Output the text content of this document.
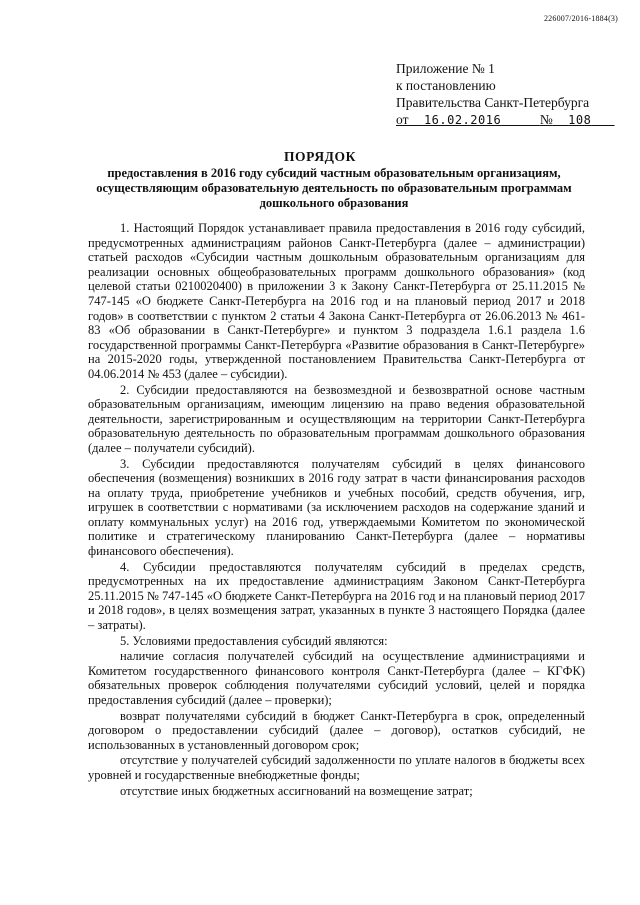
226007/2016-1884(3)
Приложение № 1
к постановлению
Правительства Санкт-Петербурга
от 16.02.2016	№ 108
ПОРЯДОК
предоставления в 2016 году субсидий частным образовательным организациям, осуществляющим образовательную деятельность по образовательным программам дошкольного образования

1. Настоящий Порядок устанавливает правила предоставления в 2016 году субсидий, предусмотренных администрациям районов Санкт-Петербурга (далее – администрации) статьей расходов «Субсидии частным дошкольным образовательным организациям для реализации основных общеобразовательных программ дошкольного образования» (код целевой статьи 0210020400) в приложении 3 к Закону Санкт-Петербурга от 25.11.2015 № 747-145 «О бюджете Санкт-Петербурга на 2016 год и на плановый период 2017 и 2018 годов» в соответствии с пунктом 2 статьи 4 Закона Санкт-Петербурга от 26.06.2013 № 461-83 «Об образовании в Санкт-Петербурге» и пунктом 3 подраздела 1.6.1 раздела 1.6 государственной программы Санкт-Петербурга «Развитие образования в Санкт-Петербурге» на 2015-2020 годы, утвержденной постановлением Правительства Санкт-Петербурга от 04.06.2014 № 453 (далее – субсидии).

2. Субсидии предоставляются на безвозмездной и безвозвратной основе частным образовательным организациям, имеющим лицензию на право ведения образовательной деятельности, зарегистрированным и осуществляющим на территории Санкт-Петербурга образовательную деятельность по образовательным программам дошкольного образования (далее – получатели субсидий).

3. Субсидии предоставляются получателям субсидий в целях финансового обеспечения (возмещения) возникших в 2016 году затрат в части финансирования расходов на оплату труда, приобретение учебников и учебных пособий, средств обучения, игр, игрушек в соответствии с нормативами (за исключением расходов на содержание зданий и оплату коммунальных услуг) на 2016 год, утверждаемыми Комитетом по экономической политике и стратегическому планированию Санкт-Петербурга (далее – нормативы финансового обеспечения).

4. Субсидии предоставляются получателям субсидий в пределах средств, предусмотренных на их предоставление администрациям Законом Санкт-Петербурга 25.11.2015 № 747-145 «О бюджете Санкт-Петербурга на 2016 год и на плановый период 2017 и 2018 годов», в целях возмещения затрат, указанных в пункте 3 настоящего Порядка (далее – затраты).

5. Условиями предоставления субсидий являются:

наличие согласия получателей субсидий на осуществление администрациями и Комитетом государственного финансового контроля Санкт-Петербурга (далее – КГФК) обязательных проверок соблюдения получателями субсидий условий, целей и порядка предоставления субсидий (далее – проверки);

возврат получателями субсидий в бюджет Санкт-Петербурга в срок, определенный договором о предоставлении субсидий (далее – договор), остатков субсидий, не использованных в установленный договором срок;

отсутствие у получателей субсидий задолженности по уплате налогов в бюджеты всех уровней и государственные внебюджетные фонды;

отсутствие иных бюджетных ассигнований на возмещение затрат;
